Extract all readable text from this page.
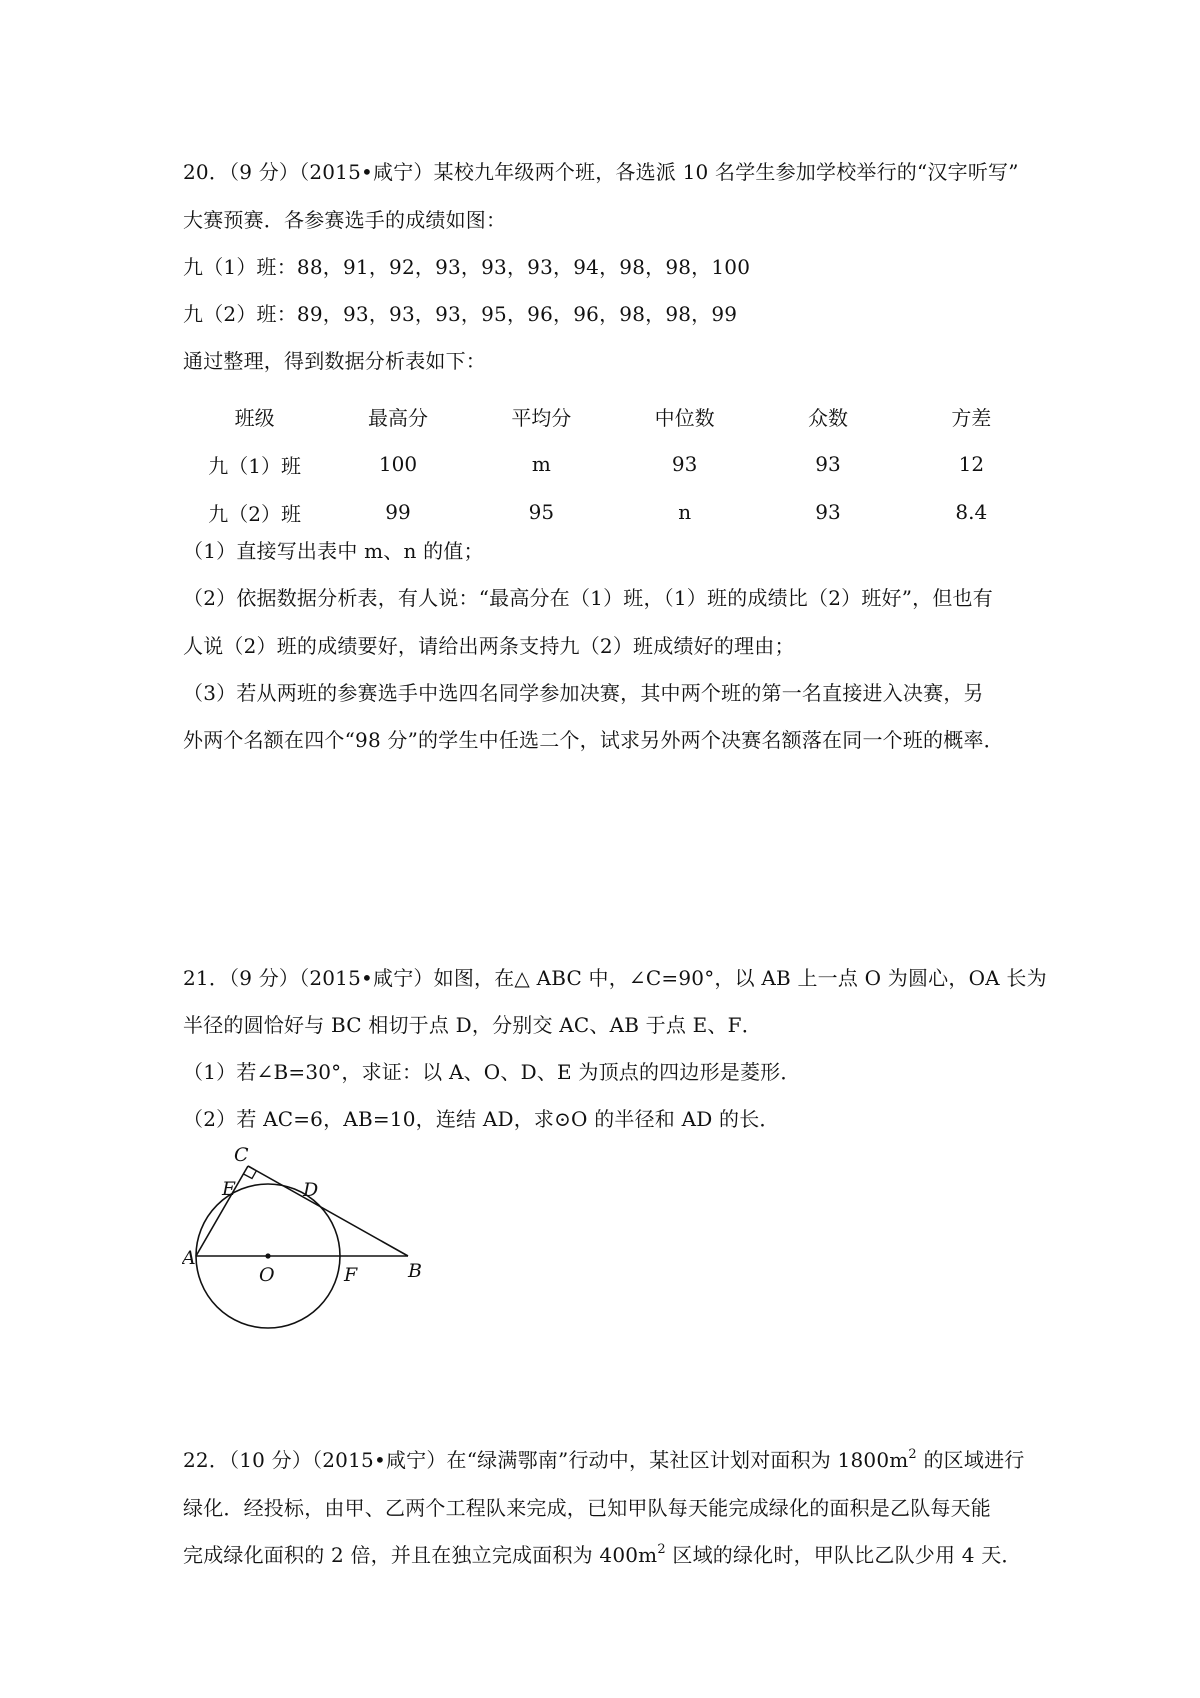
20．（9 分）（2015•咸宁）某校九年级两个班，各选派 10 名学生参加学校举行的“汉字听写”
大赛预赛．各参赛选手的成绩如图：
九（1）班：88，91，92，93，93，93，94，98，98，100
九（2）班：89，93，93，93，95，96，96，98，98，99
通过整理，得到数据分析表如下：
班级	最高分	平均分	中位数	众数	方差
九（1）班	100	m	93	93	12
九（2）班	99	95	n	93	8.4
（1）直接写出表中 m、n 的值；
（2）依据数据分析表，有人说：“最高分在（1）班，（1）班的成绩比（2）班好”，但也有
人说（2）班的成绩要好，请给出两条支持九（2）班成绩好的理由；
（3）若从两班的参赛选手中选四名同学参加决赛，其中两个班的第一名直接进入决赛，另
外两个名额在四个“98 分”的学生中任选二个，试求另外两个决赛名额落在同一个班的概率．
21．（9 分）（2015•咸宁）如图，在△ ABC 中，∠C=90°，以 AB 上一点 O 为圆心，OA 长为
半径的圆恰好与 BC 相切于点 D，分别交 AC、AB 于点 E、F．
（1）若∠B=30°，求证：以 A、O、D、E 为顶点的四边形是菱形．
（2）若 AC=6，AB=10，连结 AD，求⊙O 的半径和 AD 的长．
C
E	D
A
O	F	B
22．（10 分）（2015•咸宁）在“绿满鄂南”行动中，某社区计划对面积为 $1800m^2$ 的区域进行
绿化．经投标，由甲、乙两个工程队来完成，已知甲队每天能完成绿化的面积是乙队每天能
完成绿化面积的 2 倍，并且在独立完成面积为 $400m^2$ 区域的绿化时，甲队比乙队少用 4 天．
